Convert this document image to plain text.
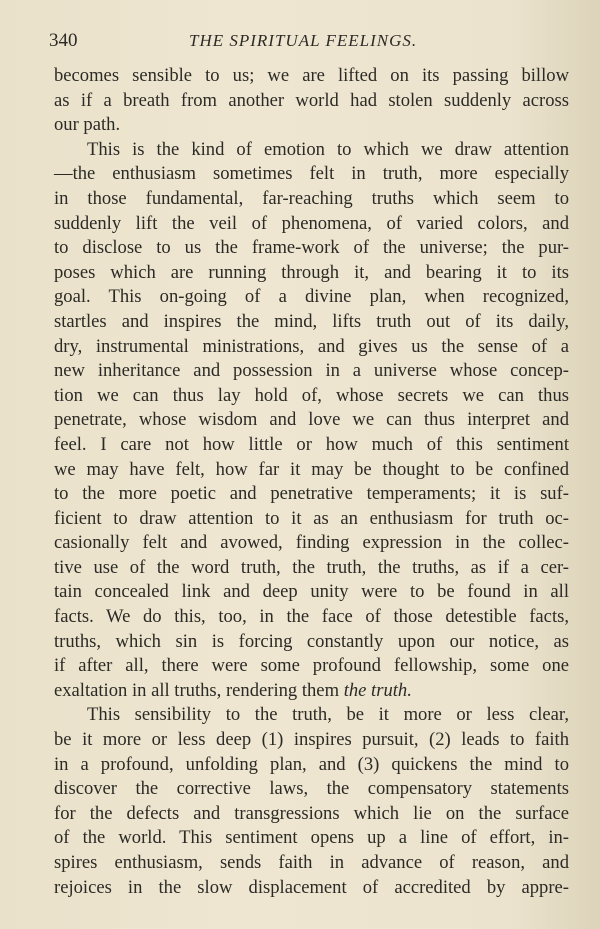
340	THE SPIRITUAL FEELINGS.
becomes sensible to us; we are lifted on its passing billow
as if a breath from another world had stolen suddenly across
our path.
This is the kind of emotion to which we draw attention
—the enthusiasm sometimes felt in truth, more especially
in those fundamental, far-reaching truths which seem to
suddenly lift the veil of phenomena, of varied colors, and
to disclose to us the frame-work of the universe; the pur-
poses which are running through it, and bearing it to its
goal. This on-going of a divine plan, when recognized,
startles and inspires the mind, lifts truth out of its daily,
dry, instrumental ministrations, and gives us the sense of a
new inheritance and possession in a universe whose concep-
tion we can thus lay hold of, whose secrets we can thus
penetrate, whose wisdom and love we can thus interpret and
feel. I care not how little or how much of this sentiment
we may have felt, how far it may be thought to be confined
to the more poetic and penetrative temperaments; it is suf-
ficient to draw attention to it as an enthusiasm for truth oc-
casionally felt and avowed, finding expression in the collec-
tive use of the word truth, the truth, the truths, as if a cer-
tain concealed link and deep unity were to be found in all
facts. We do this, too, in the face of those detestible facts,
truths, which sin is forcing constantly upon our notice, as
if after all, there were some profound fellowship, some one
exaltation in all truths, rendering them the truth.
This sensibility to the truth, be it more or less clear,
be it more or less deep (1) inspires pursuit, (2) leads to faith
in a profound, unfolding plan, and (3) quickens the mind to
discover the corrective laws, the compensatory statements
for the defects and transgressions which lie on the surface
of the world. This sentiment opens up a line of effort, in-
spires enthusiasm, sends faith in advance of reason, and
rejoices in the slow displacement of accredited by appre-
